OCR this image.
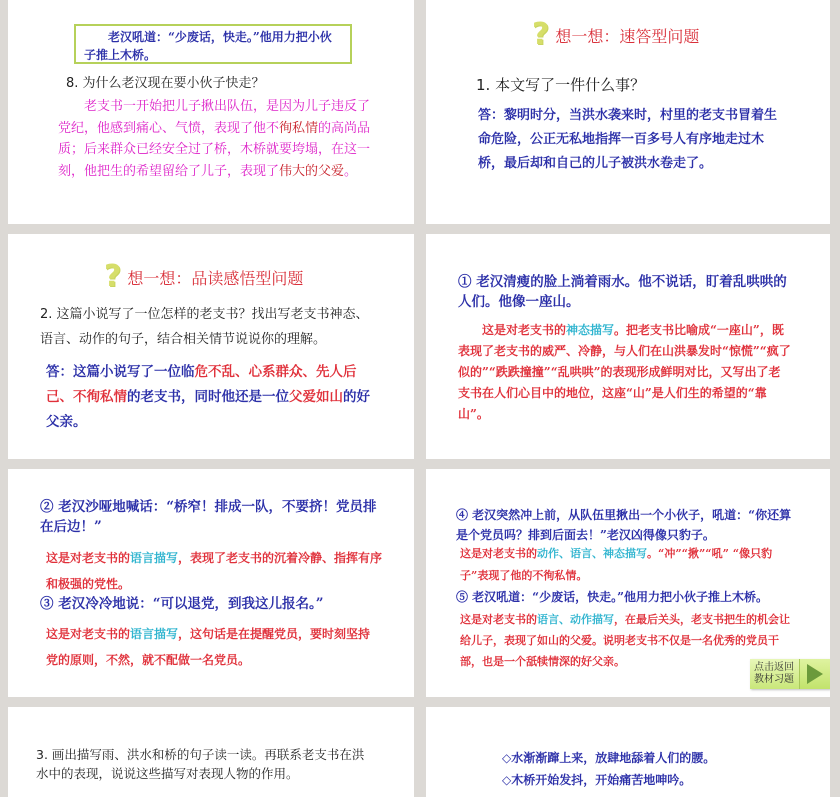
　　老汉吼道：“少废话，快走。”他用力把小伙子推上木桥。
8. 为什么老汉现在要小伙子快走？
　　老支书一开始把儿子揪出队伍，是因为儿子违反了党纪，他感到痛心、气愤，表现了他不徇私情的高尚品质；后来群众已经安全过了桥，木桥就要垮塌，在这一刻，他把生的希望留给了儿子，表现了伟大的父爱。
? 想一想：速答型问题
1. 本文写了一件什么事？
答：黎明时分，当洪水袭来时，村里的老支书冒着生命危险，公正无私地指挥一百多号人有序地走过木桥，最后却和自己的儿子被洪水卷走了。
? 想一想：品读感悟型问题
2. 这篇小说写了一位怎样的老支书？找出写老支书神态、语言、动作的句子，结合相关情节说说你的理解。
答：这篇小说写了一位临危不乱、心系群众、先人后己、不徇私情的老支书，同时他还是一位父爱如山的好父亲。
① 老汉清瘦的脸上淌着雨水。他不说话，盯着乱哄哄的人们。他像一座山。
　　这是对老支书的神态描写。把老支书比喻成“一座山”，既表现了老支书的威严、冷静，与人们在山洪暴发时“惊慌”“疯了似的”“跌跌撞撞”“乱哄哄”的表现形成鲜明对比，又写出了老支书在人们心目中的地位，这座“山”是人们生的希望的“靠山”。
② 老汉沙哑地喊话：“桥窄！排成一队，不要挤！党员排在后边！”
这是对老支书的语言描写，表现了老支书的沉着冷静、指挥有序和极强的党性。
③ 老汉冷冷地说：“可以退党，到我这儿报名。”
这是对老支书的语言描写，这句话是在提醒党员，要时刻坚持党的原则，不然，就不配做一名党员。
④ 老汉突然冲上前，从队伍里揪出一个小伙子，吼道：“你还算是个党员吗？排到后面去！”老汉凶得像只豹子。
这是对老支书的动作、语言、神态描写。“冲”“揪”“吼” “像只豹子”表现了他的不徇私情。
⑤ 老汉吼道：“少废话，快走。”他用力把小伙子推上木桥。
这是对老支书的语言、动作描写，在最后关头，老支书把生的机会让给儿子，表现了如山的父爱。说明老支书不仅是一名优秀的党员干部，也是一个舐犊情深的好父亲。	点击返回教材习题
3. 画出描写雨、洪水和桥的句子读一读。再联系老支书在洪水中的表现，说说这些描写对表现人物的作用。
◇水渐渐蹿上来，放肆地舔着人们的腰。
◇木桥开始发抖，开始痛苦地呻吟。
